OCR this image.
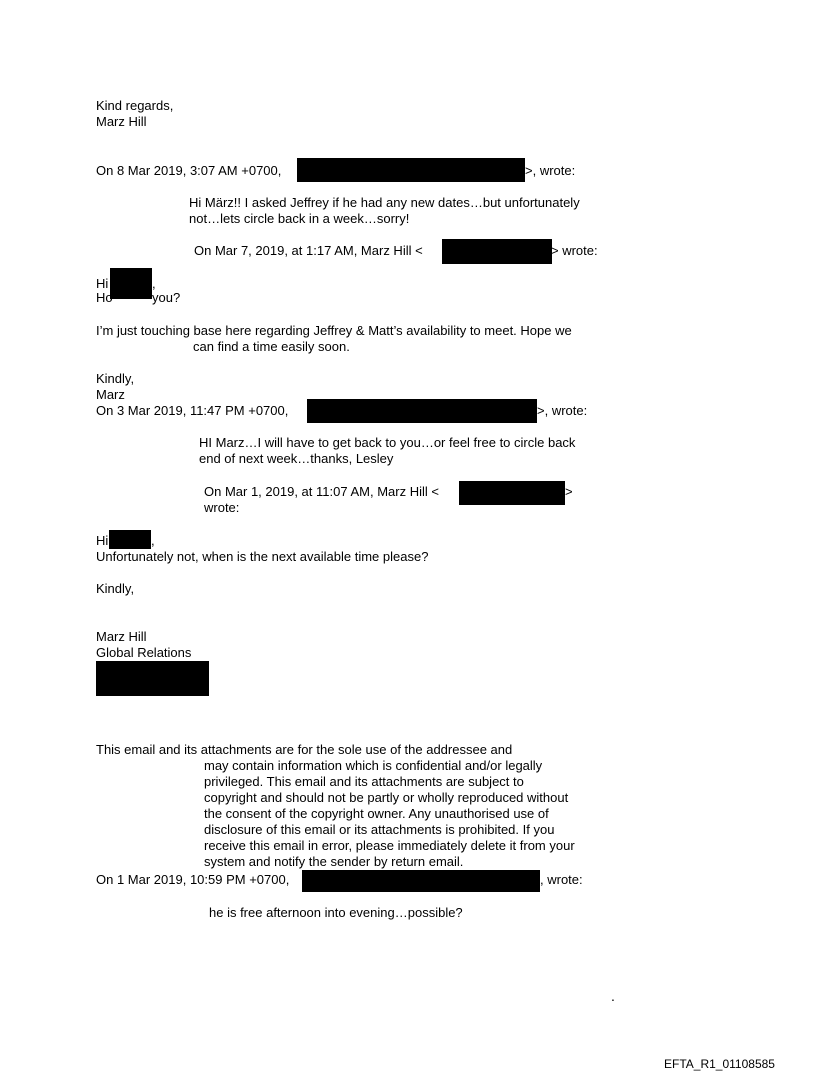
Kind regards,
Marz Hill
On 8 Mar 2019, 3:07 AM +0700,	>, wrote:
Hi März!! I asked Jeffrey if he had any new dates…but unfortunately
not…lets circle back in a week…sorry!
On Mar 7, 2019, at 1:17 AM, Marz Hill <	> wrote:
Hi	,
Ho	you?
I’m just touching base here regarding Jeffrey & Matt’s availability to meet. Hope we
can find a time easily soon.
Kindly,
Marz
On 3 Mar 2019, 11:47 PM +0700,	>, wrote:
HI Marz…I will have to get back to you…or feel free to circle back
end of next week…thanks, Lesley
On Mar 1, 2019, at 11:07 AM, Marz Hill <	>
wrote:
Hi	,
Unfortunately not, when is the next available time please?
Kindly,
Marz Hill
Global Relations
This email and its attachments are for the sole use of the addressee and
may contain information which is confidential and/or legally
privileged. This email and its attachments are subject to
copyright and should not be partly or wholly reproduced without
the consent of the copyright owner. Any unauthorised use of
disclosure of this email or its attachments is prohibited. If you
receive this email in error, please immediately delete it from your
system and notify the sender by return email.
On 1 Mar 2019, 10:59 PM +0700,	, wrote:
he is free afternoon into evening…possible?
.
EFTA_R1_01108585
